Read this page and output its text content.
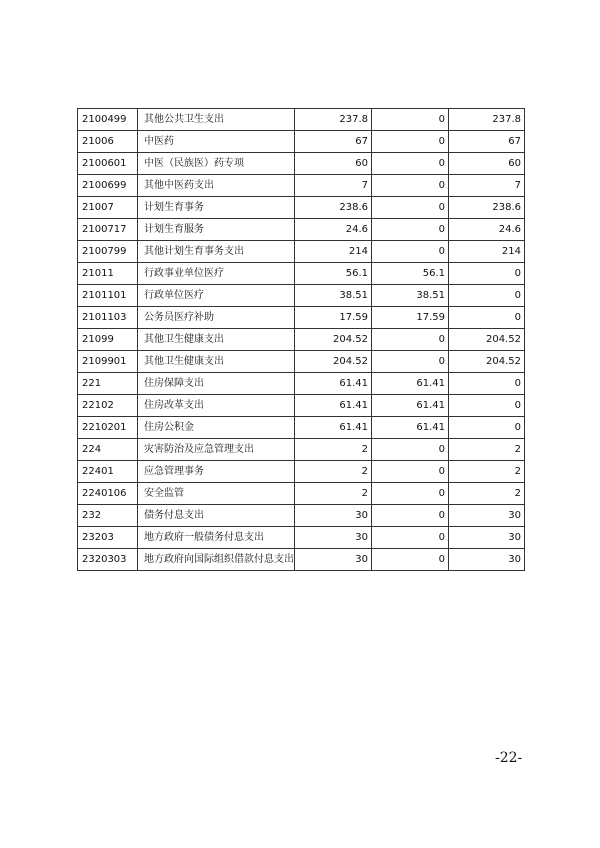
2100499	其他公共卫生支出	237.8	0	237.8
21006	中医药	67	0	67
2100601	中医（民族医）药专项	60	0	60
2100699	其他中医药支出	7	0	7
21007	计划生育事务	238.6	0	238.6
2100717	计划生育服务	24.6	0	24.6
2100799	其他计划生育事务支出	214	0	214
21011	行政事业单位医疗	56.1	56.1	0
2101101	行政单位医疗	38.51	38.51	0
2101103	公务员医疗补助	17.59	17.59	0
21099	其他卫生健康支出	204.52	0	204.52
2109901	其他卫生健康支出	204.52	0	204.52
221	住房保障支出	61.41	61.41	0
22102	住房改革支出	61.41	61.41	0
2210201	住房公积金	61.41	61.41	0
224	灾害防治及应急管理支出	2	0	2
22401	应急管理事务	2	0	2
2240106	安全监管	2	0	2
232	债务付息支出	30	0	30
23203	地方政府一般债务付息支出	30	0	30
2320303	地方政府向国际组织借款付息支出	30	0	30
-22-
